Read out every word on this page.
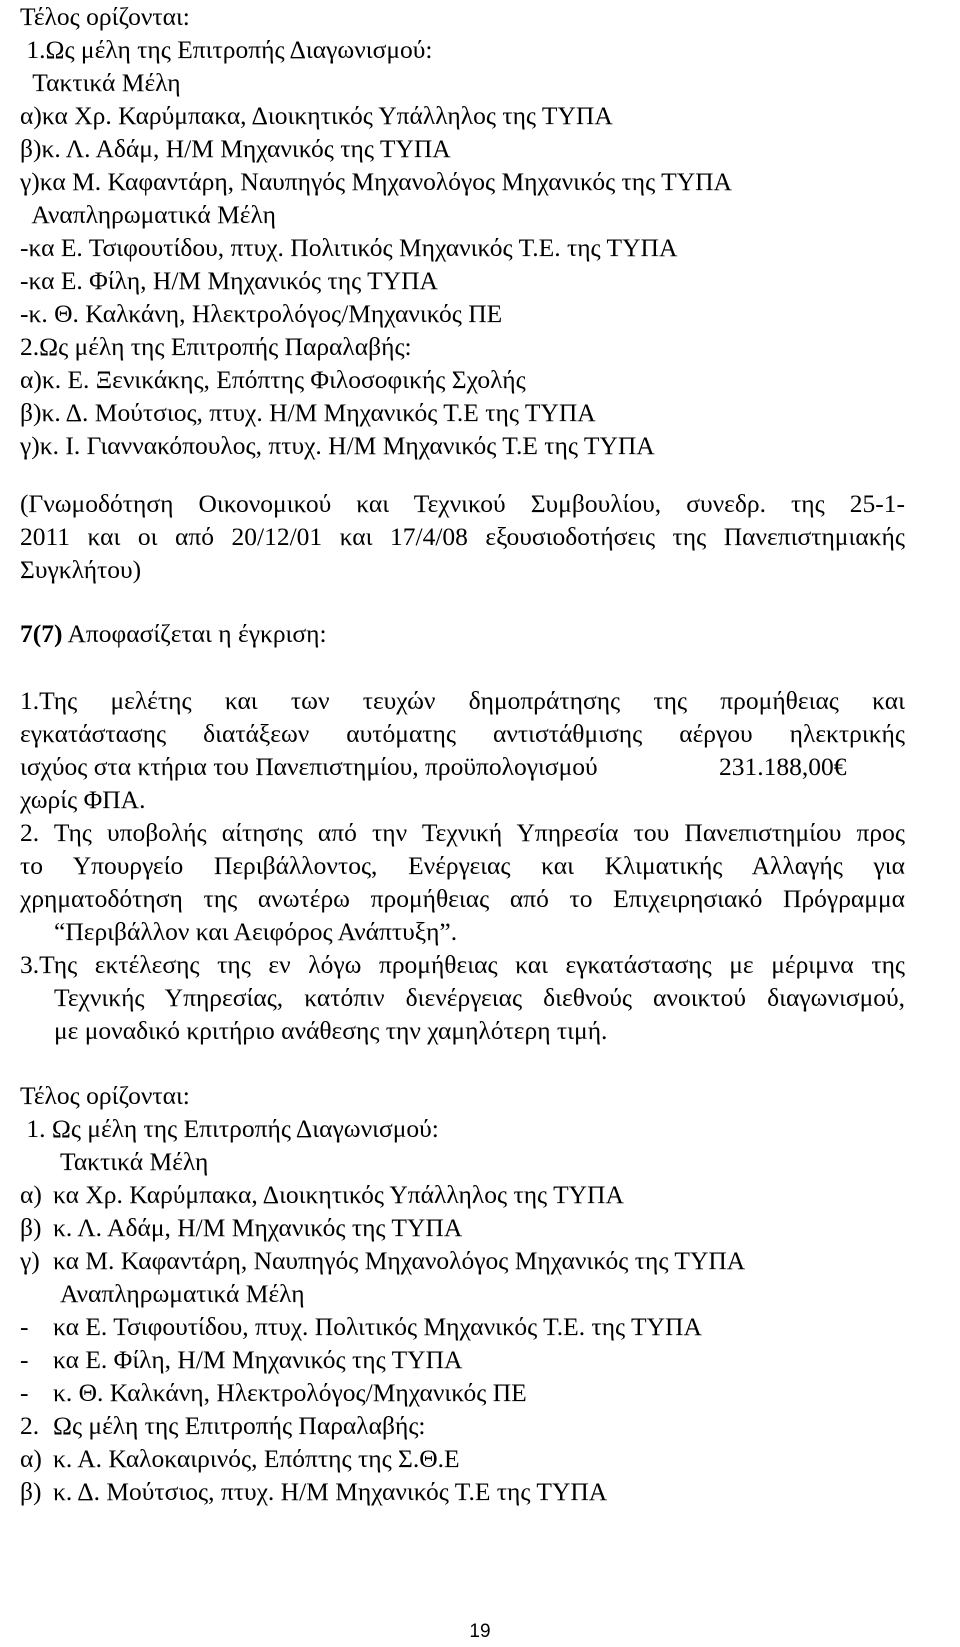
Τέλος ορίζονται:
1.Ως μέλη της Επιτροπής Διαγωνισμού:
Τακτικά Μέλη
α)κα Χρ. Καρύμπακα, Διοικητικός Υπάλληλος της ΤΥΠΑ
β)κ. Λ. Αδάμ, Η/Μ Μηχανικός της ΤΥΠΑ
γ)κα Μ. Καφαντάρη, Ναυπηγός Μηχανολόγος Μηχανικός της ΤΥΠΑ
Αναπληρωματικά Μέλη
-κα Ε. Τσιφουτίδου, πτυχ. Πολιτικός Μηχανικός Τ.Ε. της ΤΥΠΑ
-κα Ε. Φίλη, Η/Μ Μηχανικός της ΤΥΠΑ
-κ. Θ. Καλκάνη, Ηλεκτρολόγος/Μηχανικός ΠΕ
2.Ως μέλη της Επιτροπής Παραλαβής:
α)κ. Ε. Ξενικάκης, Επόπτης Φιλοσοφικής Σχολής
β)κ. Δ. Μούτσιος, πτυχ. Η/Μ Μηχανικός Τ.Ε της ΤΥΠΑ
γ)κ. Ι. Γιαννακόπουλος, πτυχ. Η/Μ Μηχανικός Τ.Ε της ΤΥΠΑ
(Γνωμοδότηση Οικονομικού και Τεχνικού Συμβουλίου, συνεδρ. της 25-1-
2011 και οι από 20/12/01 και 17/4/08 εξουσιοδοτήσεις της Πανεπιστημιακής
Συγκλήτου)
7(7) Αποφασίζεται η έγκριση:
1.Της μελέτης και των τευχών δημοπράτησης της προμήθειας και
εγκατάστασης διατάξεων αυτόματης αντιστάθμισης αέργου ηλεκτρικής
ισχύος στα κτήρια του Πανεπιστημίου, προϋπολογισμού	231.188,00€
χωρίς ΦΠΑ.
2. Της υποβολής αίτησης από την Τεχνική Υπηρεσία του Πανεπιστημίου προς
το Υπουργείο Περιβάλλοντος, Ενέργειας και Κλιματικής Αλλαγής για
χρηματοδότηση της ανωτέρω προμήθειας από το Επιχειρησιακό Πρόγραμμα
“Περιβάλλον και Αειφόρος Ανάπτυξη”.
3.Της εκτέλεσης της εν λόγω προμήθειας και εγκατάστασης με μέριμνα της
Τεχνικής Υπηρεσίας, κατόπιν διενέργειας διεθνούς ανοικτού διαγωνισμού,
με μοναδικό κριτήριο ανάθεσης την χαμηλότερη τιμή.
Τέλος ορίζονται:
1. Ως μέλη της Επιτροπής Διαγωνισμού:
Τακτικά Μέλη
α) κα Χρ. Καρύμπακα, Διοικητικός Υπάλληλος της ΤΥΠΑ
β) κ. Λ. Αδάμ, Η/Μ Μηχανικός της ΤΥΠΑ
γ) κα Μ. Καφαντάρη, Ναυπηγός Μηχανολόγος Μηχανικός της ΤΥΠΑ
Αναπληρωματικά Μέλη
- κα Ε. Τσιφουτίδου, πτυχ. Πολιτικός Μηχανικός Τ.Ε. της ΤΥΠΑ
- κα Ε. Φίλη, Η/Μ Μηχανικός της ΤΥΠΑ
- κ. Θ. Καλκάνη, Ηλεκτρολόγος/Μηχανικός ΠΕ
2. Ως μέλη της Επιτροπής Παραλαβής:
α) κ. Α. Καλοκαιρινός, Επόπτης της Σ.Θ.Ε
β) κ. Δ. Μούτσιος, πτυχ. Η/Μ Μηχανικός Τ.Ε της ΤΥΠΑ
19
